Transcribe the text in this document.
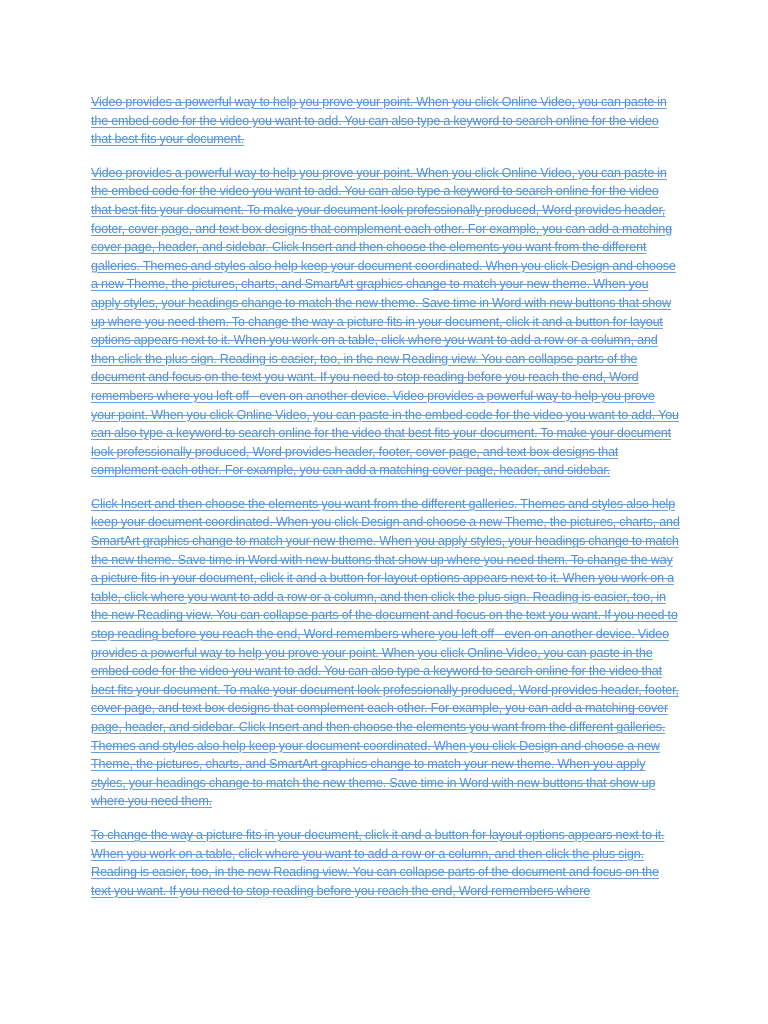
Video provides a powerful way to help you prove your point. When you click Online Video, you can paste in the embed code for the video you want to add. You can also type a keyword to search online for the video that best fits your document.

Video provides a powerful way to help you prove your point. When you click Online Video, you can paste in the embed code for the video you want to add. You can also type a keyword to search online for the video that best fits your document. To make your document look professionally produced, Word provides header, footer, cover page, and text box designs that complement each other. For example, you can add a matching cover page, header, and sidebar. Click Insert and then choose the elements you want from the different galleries. Themes and styles also help keep your document coordinated. When you click Design and choose a new Theme, the pictures, charts, and SmartArt graphics change to match your new theme. When you apply styles, your headings change to match the new theme. Save time in Word with new buttons that show up where you need them. To change the way a picture fits in your document, click it and a button for layout options appears next to it. When you work on a table, click where you want to add a row or a column, and then click the plus sign. Reading is easier, too, in the new Reading view. You can collapse parts of the document and focus on the text you want. If you need to stop reading before you reach the end, Word remembers where you left off - even on another device. Video provides a powerful way to help you prove your point. When you click Online Video, you can paste in the embed code for the video you want to add. You can also type a keyword to search online for the video that best fits your document. To make your document look professionally produced, Word provides header, footer, cover page, and text box designs that complement each other. For example, you can add a matching cover page, header, and sidebar.

Click Insert and then choose the elements you want from the different galleries. Themes and styles also help keep your document coordinated. When you click Design and choose a new Theme, the pictures, charts, and SmartArt graphics change to match your new theme. When you apply styles, your headings change to match the new theme. Save time in Word with new buttons that show up where you need them. To change the way a picture fits in your document, click it and a button for layout options appears next to it. When you work on a table, click where you want to add a row or a column, and then click the plus sign. Reading is easier, too, in the new Reading view. You can collapse parts of the document and focus on the text you want. If you need to stop reading before you reach the end, Word remembers where you left off - even on another device. Video provides a powerful way to help you prove your point. When you click Online Video, you can paste in the embed code for the video you want to add. You can also type a keyword to search online for the video that best fits your document. To make your document look professionally produced, Word provides header, footer, cover page, and text box designs that complement each other. For example, you can add a matching cover page, header, and sidebar. Click Insert and then choose the elements you want from the different galleries. Themes and styles also help keep your document coordinated. When you click Design and choose a new Theme, the pictures, charts, and SmartArt graphics change to match your new theme. When you apply styles, your headings change to match the new theme. Save time in Word with new buttons that show up where you need them.

To change the way a picture fits in your document, click it and a button for layout options appears next to it. When you work on a table, click where you want to add a row or a column, and then click the plus sign. Reading is easier, too, in the new Reading view. You can collapse parts of the document and focus on the text you want. If you need to stop reading before you reach the end, Word remembers where
